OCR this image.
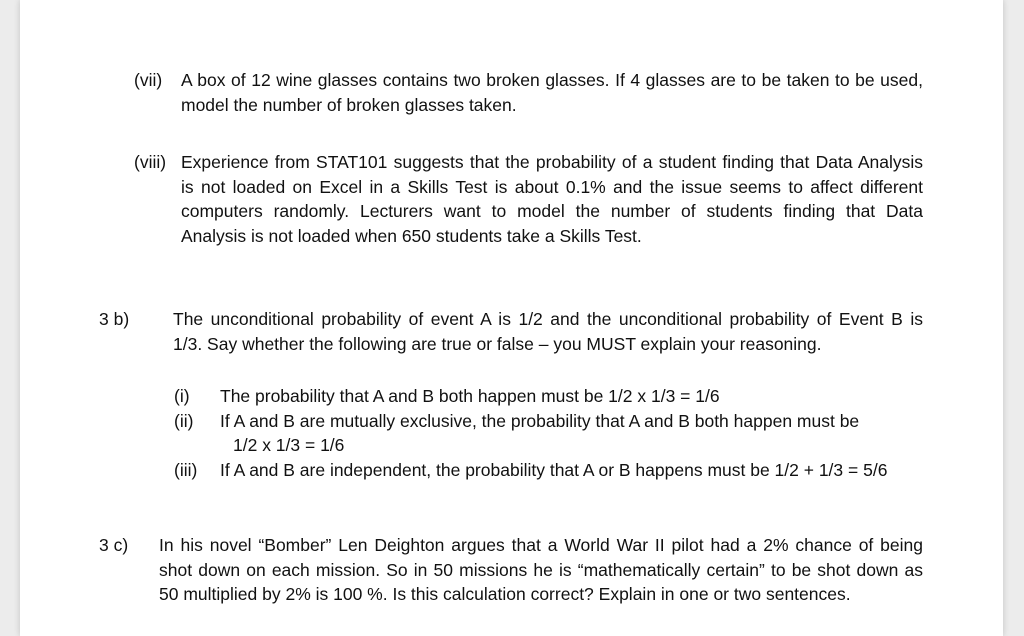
(vii) A box of 12 wine glasses contains two broken glasses. If 4 glasses are to be taken to be used,
model the number of broken glasses taken.
(viii) Experience from STAT101 suggests that the probability of a student finding that Data Analysis
is not loaded on Excel in a Skills Test is about 0.1% and the issue seems to affect different
computers randomly. Lecturers want to model the number of students finding that Data
Analysis is not loaded when 650 students take a Skills Test.
3 b)	The unconditional probability of event A is 1/2 and the unconditional probability of Event B is
1/3. Say whether the following are true or false – you MUST explain your reasoning.
(i) The probability that A and B both happen must be 1/2 x 1/3 = 1/6
(ii) If A and B are mutually exclusive, the probability that A and B both happen must be
1/2 x 1/3 = 1/6
(iii) If A and B are independent, the probability that A or B happens must be 1/2 + 1/3 = 5/6
3 c) In his novel “Bomber” Len Deighton argues that a World War II pilot had a 2% chance of being
shot down on each mission. So in 50 missions he is “mathematically certain” to be shot down as
50 multiplied by 2% is 100 %. Is this calculation correct? Explain in one or two sentences.
